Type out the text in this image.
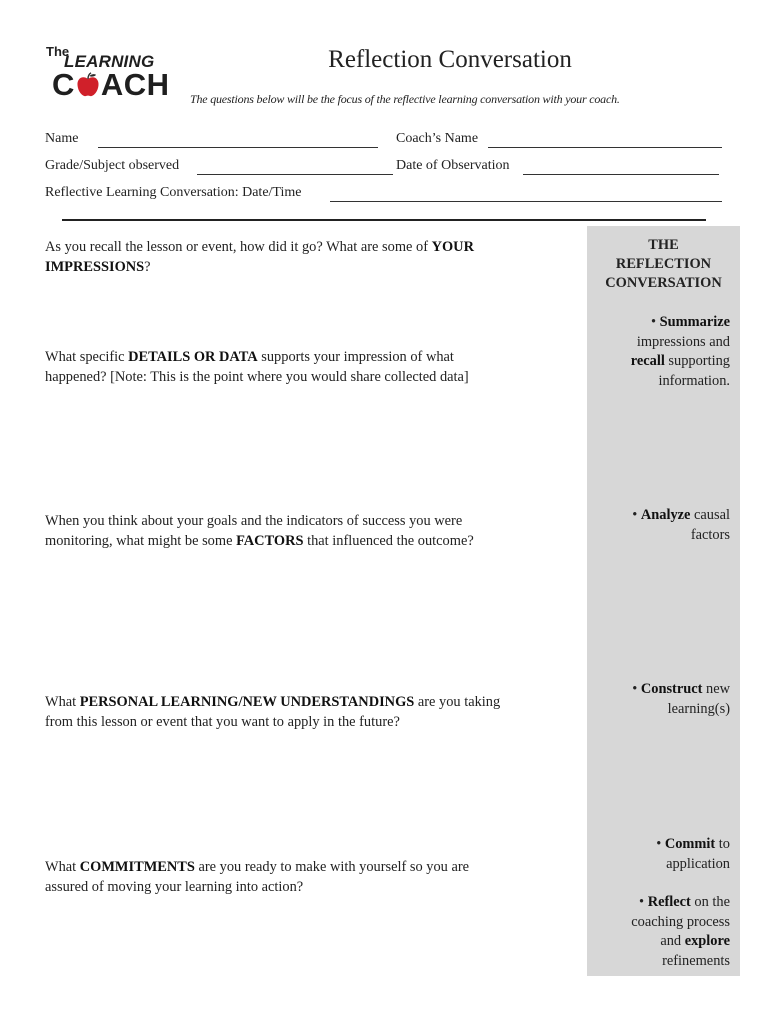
The
LEARNING
C ACH
Reflection Conversation
The questions below will be the focus of the reflective learning conversation with your coach.
Name	Coach’s Name
Grade/Subject observed	Date of Observation
Reflective Learning Conversation: Date/Time
As you recall the lesson or event, how did it go? What are some of YOUR
IMPRESSIONS?
What specific DETAILS OR DATA supports your impression of what
happened? [Note: This is the point where you would share collected data]
When you think about your goals and the indicators of success you were
monitoring, what might be some FACTORS that influenced the outcome?
What PERSONAL LEARNING/NEW UNDERSTANDINGS are you taking
from this lesson or event that you want to apply in the future?
What COMMITMENTS are you ready to make with yourself so you are
assured of moving your learning into action?
THE
REFLECTION
CONVERSATION
• Summarize
impressions and
recall supporting
information.
• Analyze causal
factors
• Construct new
learning(s)
• Commit to
application
• Reflect on the
coaching process
and explore
refinements
